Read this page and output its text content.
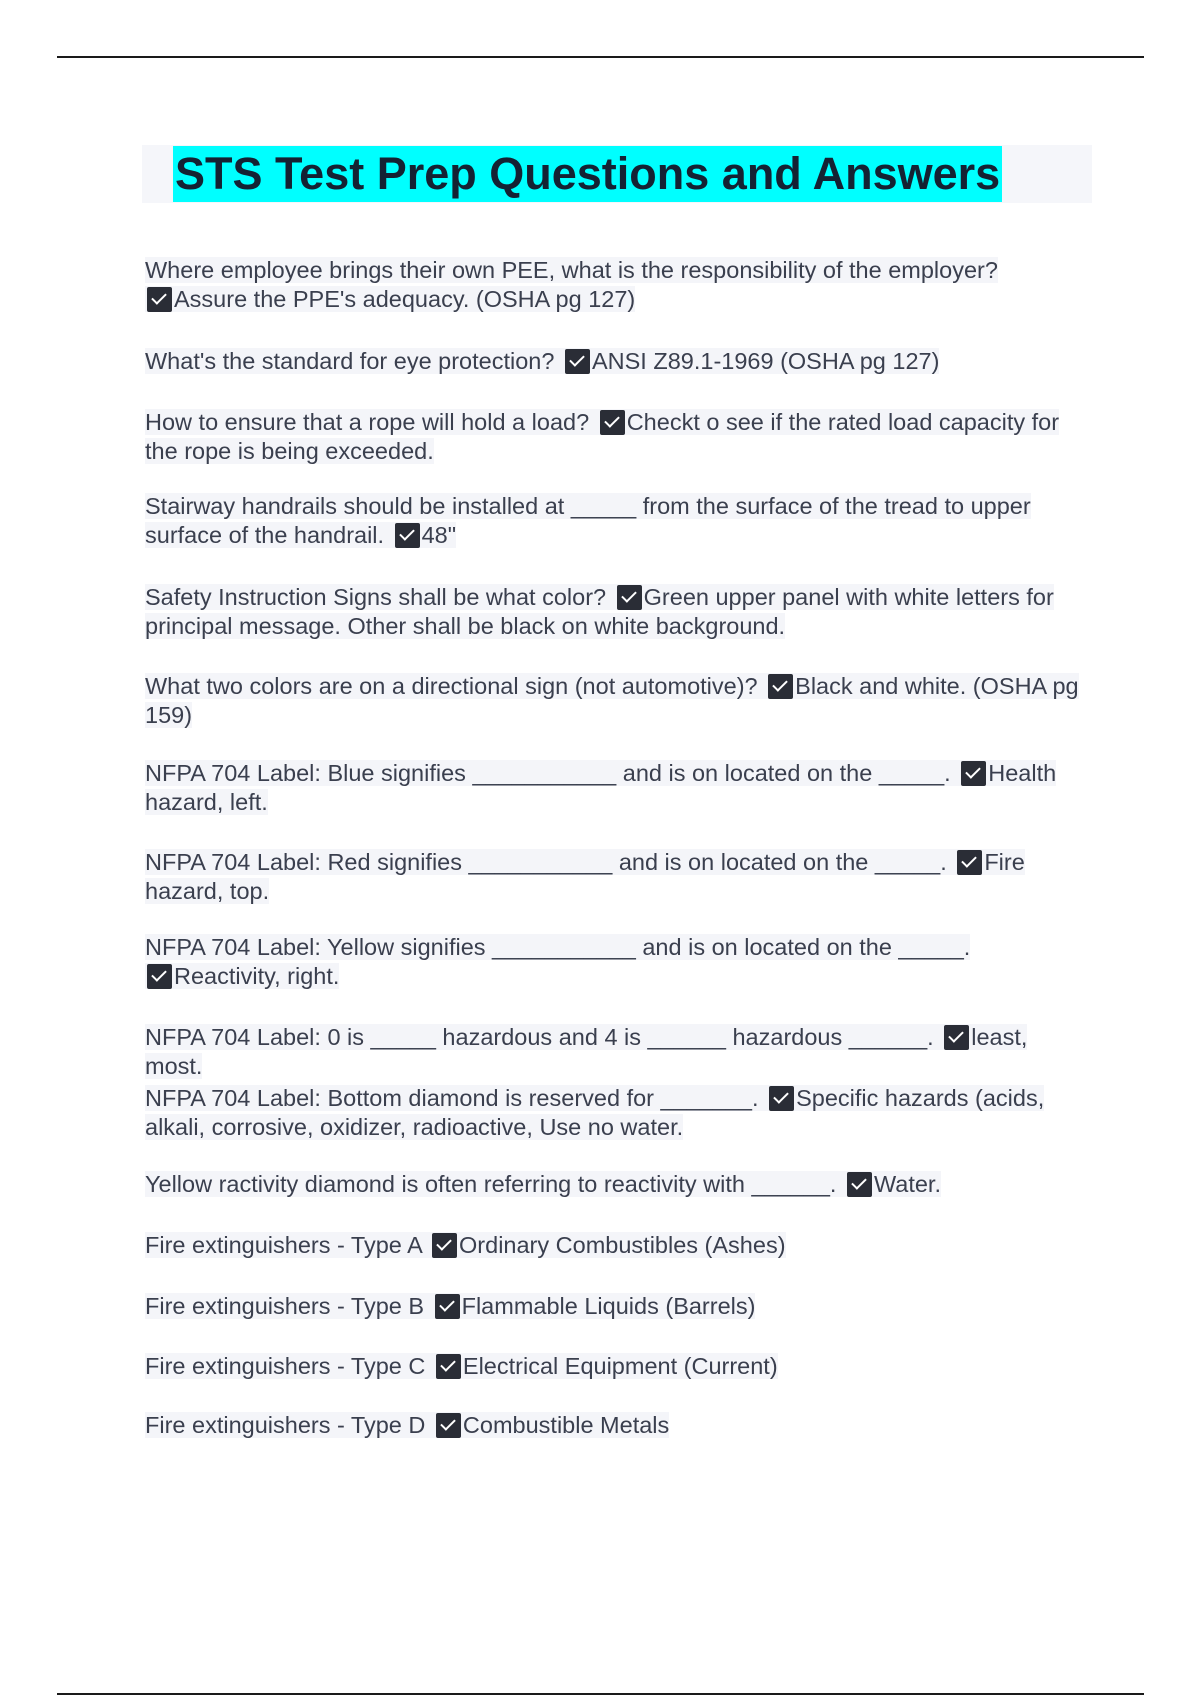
STS Test Prep Questions and Answers
Where employee brings their own PEE, what is the responsibility of the employer?
Assure the PPE's adequacy. (OSHA pg 127)
What's the standard for eye protection? ANSI Z89.1-1969 (OSHA pg 127)
How to ensure that a rope will hold a load? Checkt o see if the rated load capacity for the rope is being exceeded.
Stairway handrails should be installed at _____ from the surface of the tread to upper surface of the handrail. 48"
Safety Instruction Signs shall be what color? Green upper panel with white letters for principal message. Other shall be black on white background.
What two colors are on a directional sign (not automotive)? Black and white. (OSHA pg 159)
NFPA 704 Label: Blue signifies ___________ and is on located on the _____. Health hazard, left.
NFPA 704 Label: Red signifies ___________ and is on located on the _____. Fire hazard, top.
NFPA 704 Label: Yellow signifies ___________ and is on located on the _____.
Reactivity, right.
NFPA 704 Label: 0 is _____ hazardous and 4 is ______ hazardous ______. least, most.
NFPA 704 Label: Bottom diamond is reserved for _______. Specific hazards (acids, alkali, corrosive, oxidizer, radioactive, Use no water.
Yellow ractivity diamond is often referring to reactivity with ______. Water.
Fire extinguishers - Type A Ordinary Combustibles (Ashes)
Fire extinguishers - Type B Flammable Liquids (Barrels)
Fire extinguishers - Type C Electrical Equipment (Current)
Fire extinguishers - Type D Combustible Metals
